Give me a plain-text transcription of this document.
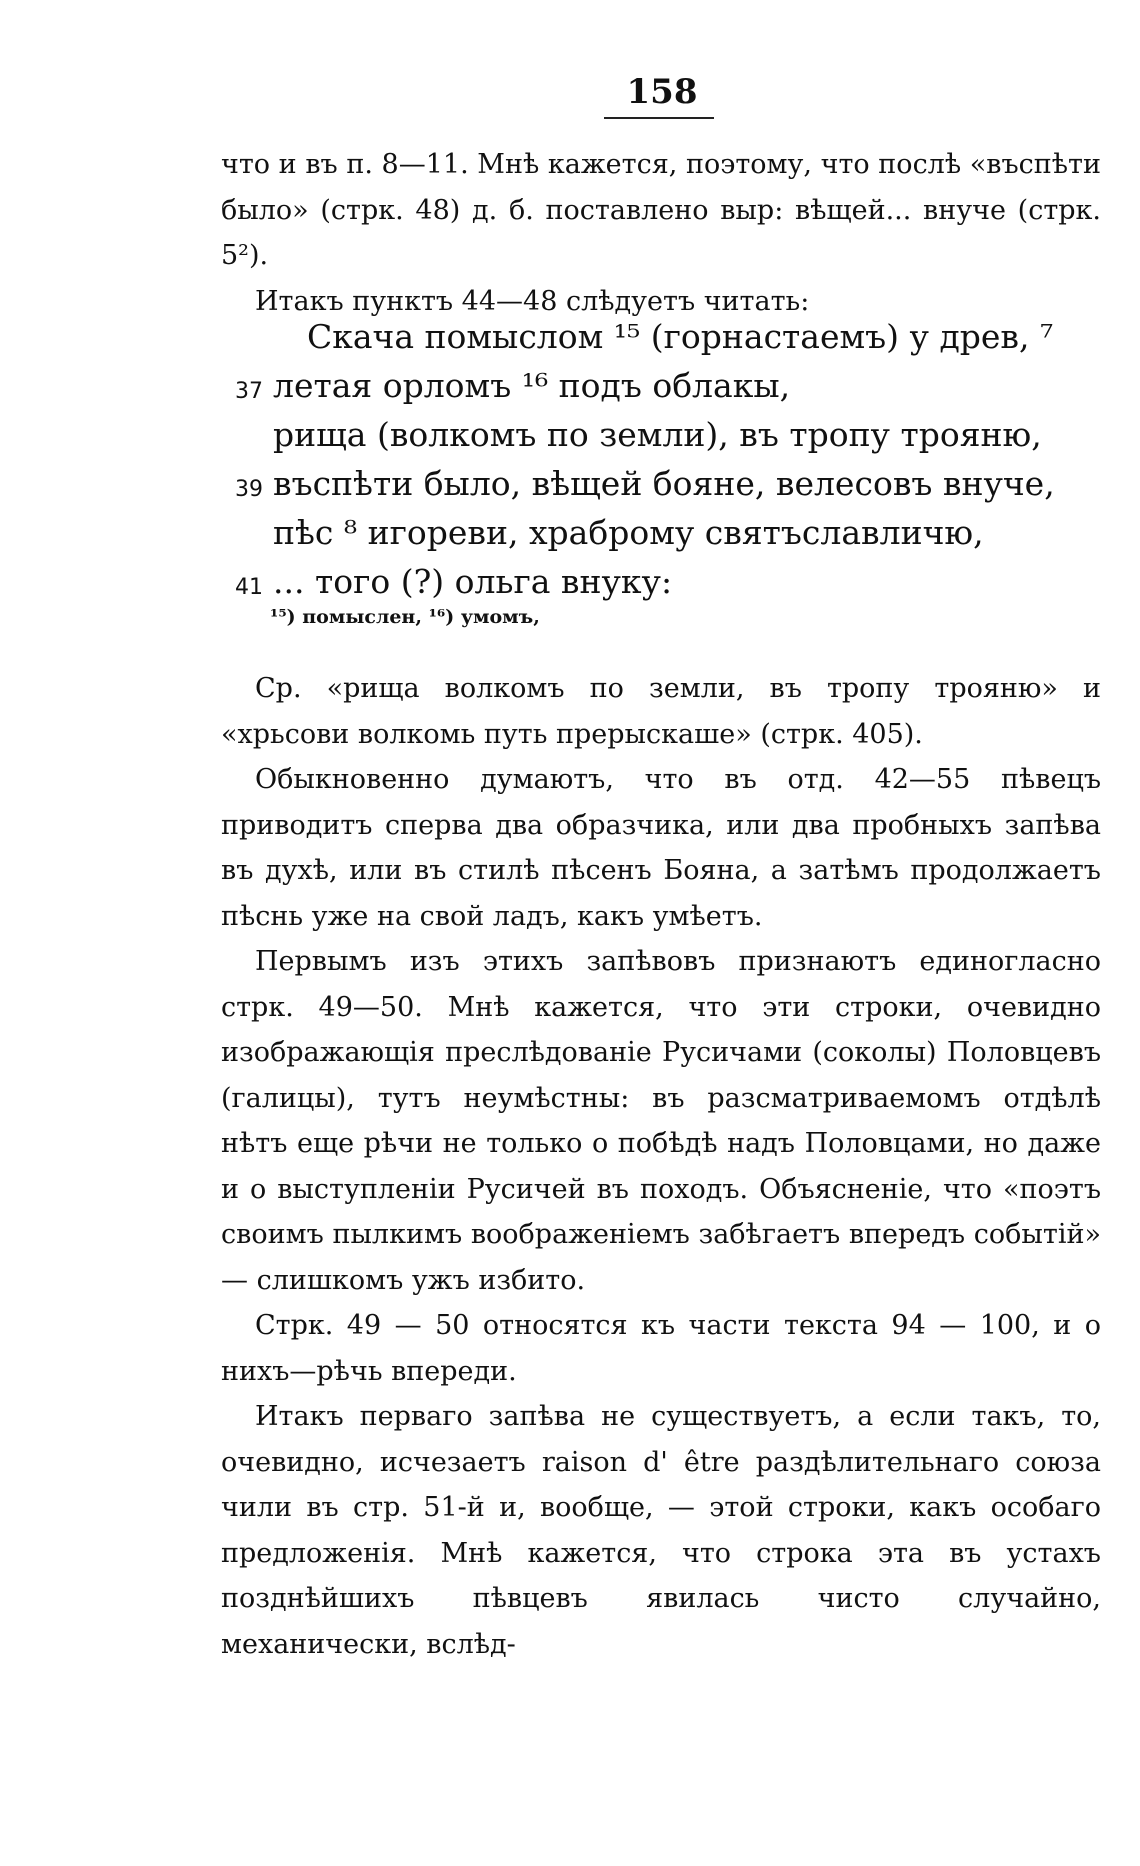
158

что и въ п. 8—11. Мнѣ кажется, поэтому, что послѣ «въспѣти было» (стрк. 48) д. б. поставлено выр: вѣщей... внуче (стрк. 5²).

Итакъ пунктъ 44—48 слѣдуетъ читать:

Скача помыслом ¹⁵ (горнастаемъ) у древ, ⁷
37 летая орломъ ¹⁶ подъ облакы,
рища (волкомъ по земли), въ тропу трояню,
39 въспѣти было, вѣщей бояне, велесовъ внуче,
пѣс ⁸ игореви, храброму святъславличю,
41 ... того (?) ольга внуку:
¹⁵) помыслен, ¹⁶) умомъ,

Ср. «рища волкомъ по земли, въ тропу трояню» и «хрьсови волкомь путь прерыскаше» (стрк. 405).

Обыкновенно думаютъ, что въ отд. 42—55 пѣвецъ приводитъ сперва два образчика, или два пробныхъ запѣва въ духѣ, или въ стилѣ пѣсенъ Бояна, а затѣмъ продолжаетъ пѣснь уже на свой ладъ, какъ умѣетъ.

Первымъ изъ этихъ запѣвовъ признаютъ единогласно стрк. 49—50. Мнѣ кажется, что эти строки, очевидно изображающія преслѣдованіе Русичами (соколы) Половцевъ (галицы), тутъ неумѣстны: въ разсматриваемомъ отдѣлѣ нѣтъ еще рѣчи не только о побѣдѣ надъ Половцами, но даже и о выступленіи Русичей въ походъ. Объясненіе, что «поэтъ своимъ пылкимъ воображеніемъ забѣгаетъ впередъ событій» — слишкомъ ужъ избито.

Стрк. 49 — 50 относятся къ части текста 94 — 100, и о нихъ—рѣчь впереди.

Итакъ перваго запѣва не существуетъ, а если такъ, то, очевидно, исчезаетъ raison d' être раздѣлительнаго союза чили въ стр. 51-й и, вообще, — этой строки, какъ особаго предложенія. Мнѣ кажется, что строка эта въ устахъ позднѣйшихъ пѣвцевъ явилась чисто случайно, механически, вслѣд-
